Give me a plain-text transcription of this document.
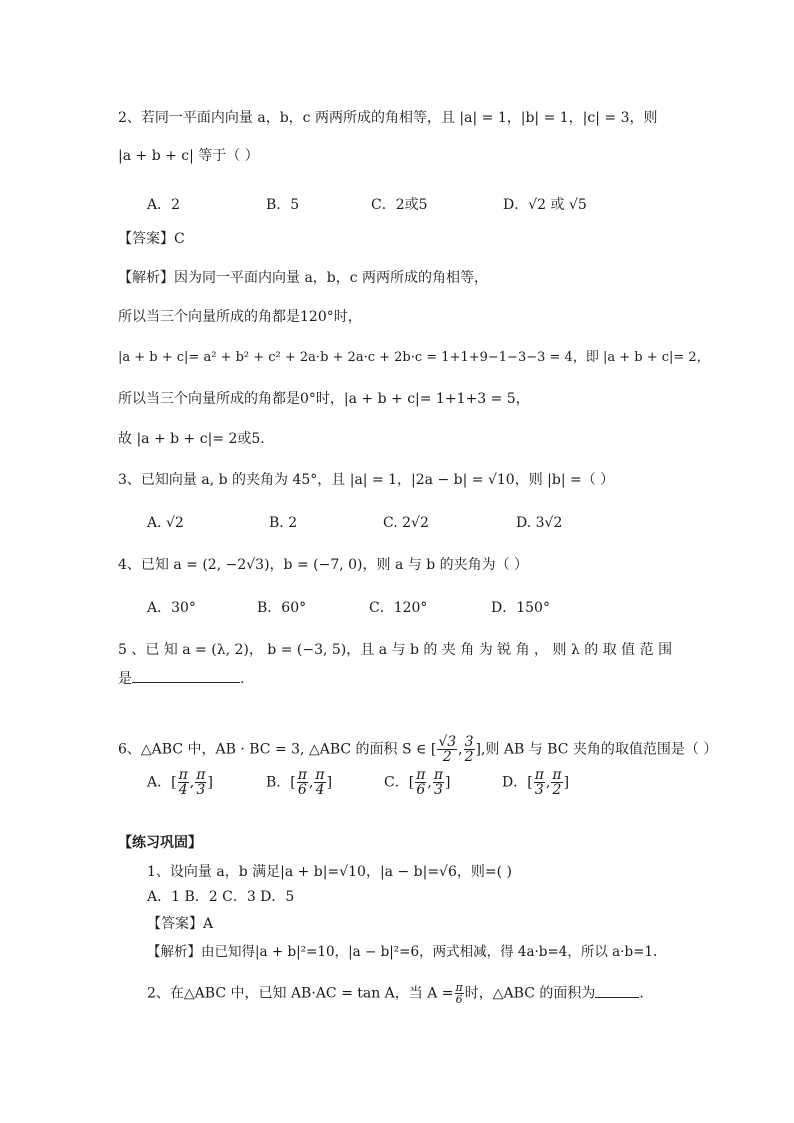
2、若同一平面内向量 a，b，c 两两所成的角相等，且 |a| = 1，|b| = 1，|c| = 3，则
|a + b + c| 等于（ ）
A．2	B．5	C．2或5	D．√2 或 √5
【答案】C
【解析】因为同一平面内向量 a，b，c 两两所成的角相等，
所以当三个向量所成的角都是120°时，
|a + b + c|= a² + b² + c² + 2a·b + 2a·c + 2b·c = 1+1+9−1−3−3 = 4，即 |a + b + c|= 2，
所以当三个向量所成的角都是0°时，|a + b + c|= 1+1+3 = 5，
故 |a + b + c|= 2或5.
3、已知向量 a, b 的夹角为 45°，且 |a| = 1，|2a − b| = √10，则 |b| =（ ）
A. √2	B. 2	C. 2√2	D. 3√2
4、已知 a = (2, −2√3)，b = (−7, 0)，则 a 与 b 的夹角为（ ）
A．30°	B．60°	C．120°	D．150°
5 、已 知 a = (λ, 2)， b = (−3, 5)，且 a 与 b 的 夹 角 为 锐 角 ， 则 λ 的 取 值 范 围
是	.
6、△ABC 中，AB · BC = 3, △ABC 的面积 S ∈ [ $\frac{√3}{2}$ , $\frac{3}{2}$ ],则 AB 与 BC 夹角的取值范围是（ ）
A．[ $\frac{\pi}{4}$ , $\frac{\pi}{3}$ ]	B．[ $\frac{\pi}{6}$ , $\frac{\pi}{4}$ ]	C．[ $\frac{\pi}{6}$ , $\frac{\pi}{3}$ ]	D．[ $\frac{\pi}{3}$ , $\frac{\pi}{2}$ ]
【练习巩固】
1、设向量 a，b 满足|a + b|=√10，|a − b|=√6，则=( )
A．1 B．2 C．3 D．5
【答案】A
【解析】由已知得|a + b|²=10，|a − b|²=6，两式相减，得 4a·b=4，所以 a·b=1.
2、在△ABC 中，已知 AB·AC = tan A，当 $A = \frac{\pi}{6}$ 时，△ABC 的面积为	.
